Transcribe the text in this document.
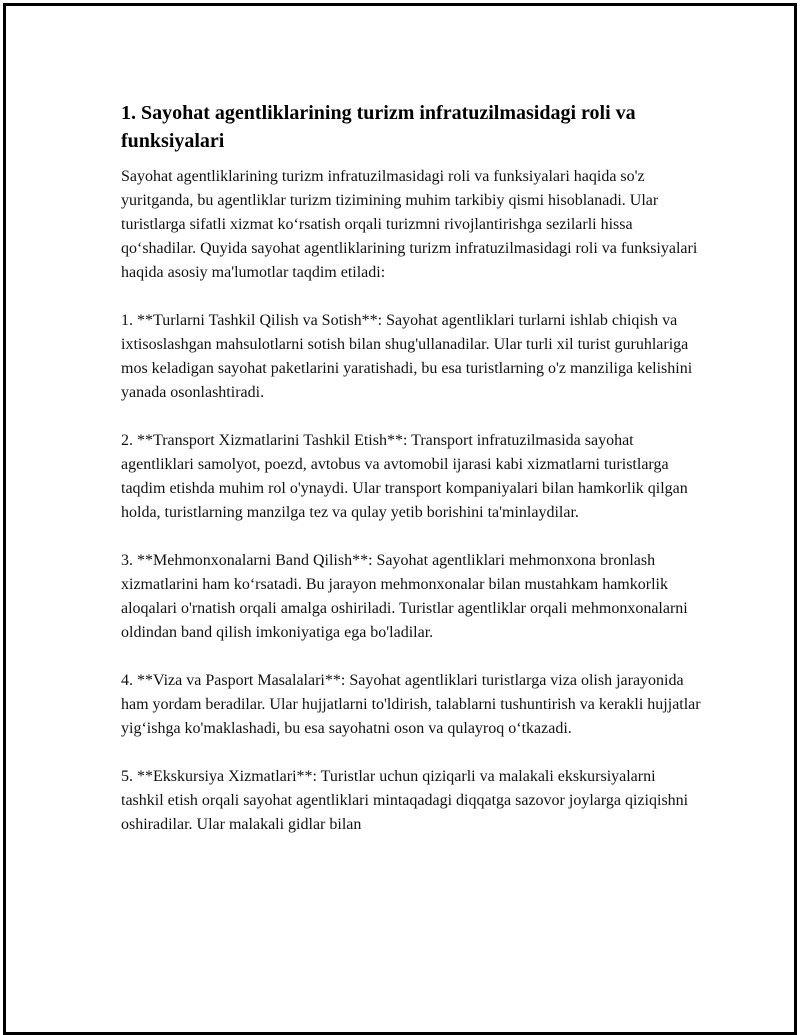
1. Sayohat agentliklarining turizm infratuzilmasidagi roli va funksiyalari

Sayohat agentliklarining turizm infratuzilmasidagi roli va funksiyalari haqida so'z yuritganda, bu agentliklar turizm tizimining muhim tarkibiy qismi hisoblanadi. Ular turistlarga sifatli xizmat ko‘rsatish orqali turizmni rivojlantirishga sezilarli hissa qo‘shadilar. Quyida sayohat agentliklarining turizm infratuzilmasidagi roli va funksiyalari haqida asosiy ma'lumotlar taqdim etiladi:

1. **Turlarni Tashkil Qilish va Sotish**: Sayohat agentliklari turlarni ishlab chiqish va ixtisoslashgan mahsulotlarni sotish bilan shug'ullanadilar. Ular turli xil turist guruhlariga mos keladigan sayohat paketlarini yaratishadi, bu esa turistlarning o'z manziliga kelishini yanada osonlashtiradi.

2. **Transport Xizmatlarini Tashkil Etish**: Transport infratuzilmasida sayohat agentliklari samolyot, poezd, avtobus va avtomobil ijarasi kabi xizmatlarni turistlarga taqdim etishda muhim rol o'ynaydi. Ular transport kompaniyalari bilan hamkorlik qilgan holda, turistlarning manzilga tez va qulay yetib borishini ta'minlaydilar.

3. **Mehmonxonalarni Band Qilish**: Sayohat agentliklari mehmonxona bronlash xizmatlarini ham ko‘rsatadi. Bu jarayon mehmonxonalar bilan mustahkam hamkorlik aloqalari o'rnatish orqali amalga oshiriladi. Turistlar agentliklar orqali mehmonxonalarni oldindan band qilish imkoniyatiga ega bo'ladilar.

4. **Viza va Pasport Masalalari**: Sayohat agentliklari turistlarga viza olish jarayonida ham yordam beradilar. Ular hujjatlarni to'ldirish, talablarni tushuntirish va kerakli hujjatlar yig‘ishga ko'maklashadi, bu esa sayohatni oson va qulayroq o‘tkazadi.

5. **Ekskursiya Xizmatlari**: Turistlar uchun qiziqarli va malakali ekskursiyalarni tashkil etish orqali sayohat agentliklari mintaqadagi diqqatga sazovor joylarga qiziqishni oshiradilar. Ular malakali gidlar bilan
